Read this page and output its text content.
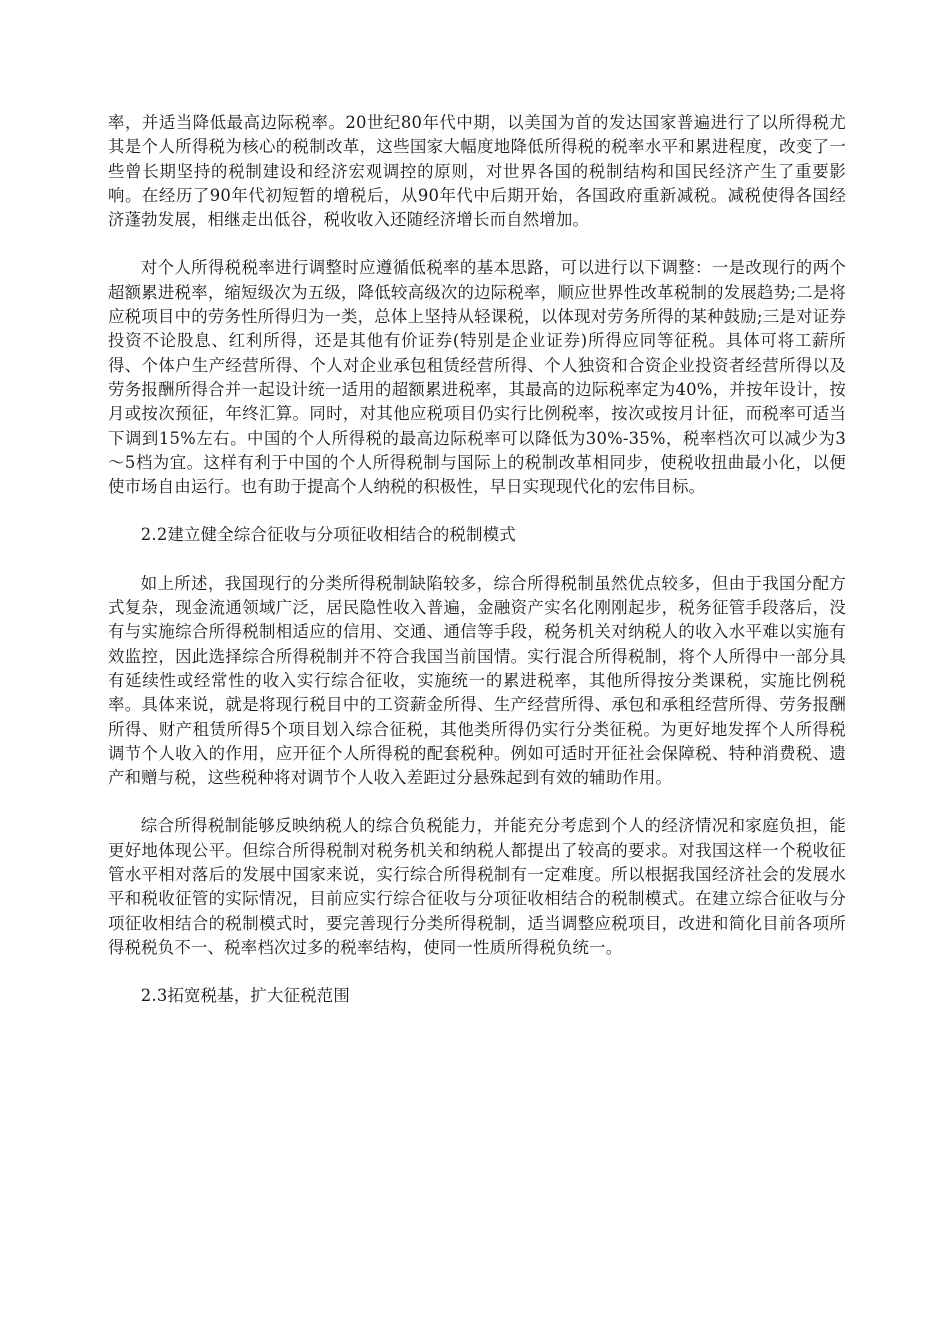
率，并适当降低最高边际税率。20世纪80年代中期，以美国为首的发达国家普遍进行了以所得税尤其是个人所得税为核心的税制改革，这些国家大幅度地降低所得税的税率水平和累进程度，改变了一些曾长期坚持的税制建设和经济宏观调控的原则，对世界各国的税制结构和国民经济产生了重要影响。在经历了90年代初短暂的增税后，从90年代中后期开始，各国政府重新减税。减税使得各国经济蓬勃发展，相继走出低谷，税收收入还随经济增长而自然增加。

对个人所得税税率进行调整时应遵循低税率的基本思路，可以进行以下调整：一是改现行的两个超额累进税率，缩短级次为五级，降低较高级次的边际税率，顺应世界性改革税制的发展趋势;二是将应税项目中的劳务性所得归为一类，总体上坚持从轻课税，以体现对劳务所得的某种鼓励;三是对证券投资不论股息、红利所得，还是其他有价证券(特别是企业证券)所得应同等征税。具体可将工薪所得、个体户生产经营所得、个人对企业承包租赁经营所得、个人独资和合资企业投资者经营所得以及劳务报酬所得合并一起设计统一适用的超额累进税率，其最高的边际税率定为40%，并按年设计，按月或按次预征，年终汇算。同时，对其他应税项目仍实行比例税率，按次或按月计征，而税率可适当下调到15%左右。中国的个人所得税的最高边际税率可以降低为30%-35%，税率档次可以减少为3～5档为宜。这样有利于中国的个人所得税制与国际上的税制改革相同步，使税收扭曲最小化，以便使市场自由运行。也有助于提高个人纳税的积极性，早日实现现代化的宏伟目标。

2.2建立健全综合征收与分项征收相结合的税制模式

如上所述，我国现行的分类所得税制缺陷较多，综合所得税制虽然优点较多，但由于我国分配方式复杂，现金流通领域广泛，居民隐性收入普遍，金融资产实名化刚刚起步，税务征管手段落后，没有与实施综合所得税制相适应的信用、交通、通信等手段，税务机关对纳税人的收入水平难以实施有效监控，因此选择综合所得税制并不符合我国当前国情。实行混合所得税制，将个人所得中一部分具有延续性或经常性的收入实行综合征收，实施统一的累进税率，其他所得按分类课税，实施比例税率。具体来说，就是将现行税目中的工资薪金所得、生产经营所得、承包和承租经营所得、劳务报酬所得、财产租赁所得5个项目划入综合征税，其他类所得仍实行分类征税。为更好地发挥个人所得税调节个人收入的作用，应开征个人所得税的配套税种。例如可适时开征社会保障税、特种消费税、遗产和赠与税，这些税种将对调节个人收入差距过分悬殊起到有效的辅助作用。

综合所得税制能够反映纳税人的综合负税能力，并能充分考虑到个人的经济情况和家庭负担，能更好地体现公平。但综合所得税制对税务机关和纳税人都提出了较高的要求。对我国这样一个税收征管水平相对落后的发展中国家来说，实行综合所得税制有一定难度。所以根据我国经济社会的发展水平和税收征管的实际情况，目前应实行综合征收与分项征收相结合的税制模式。在建立综合征收与分项征收相结合的税制模式时，要完善现行分类所得税制，适当调整应税项目，改进和简化目前各项所得税税负不一、税率档次过多的税率结构，使同一性质所得税负统一。

2.3拓宽税基，扩大征税范围
